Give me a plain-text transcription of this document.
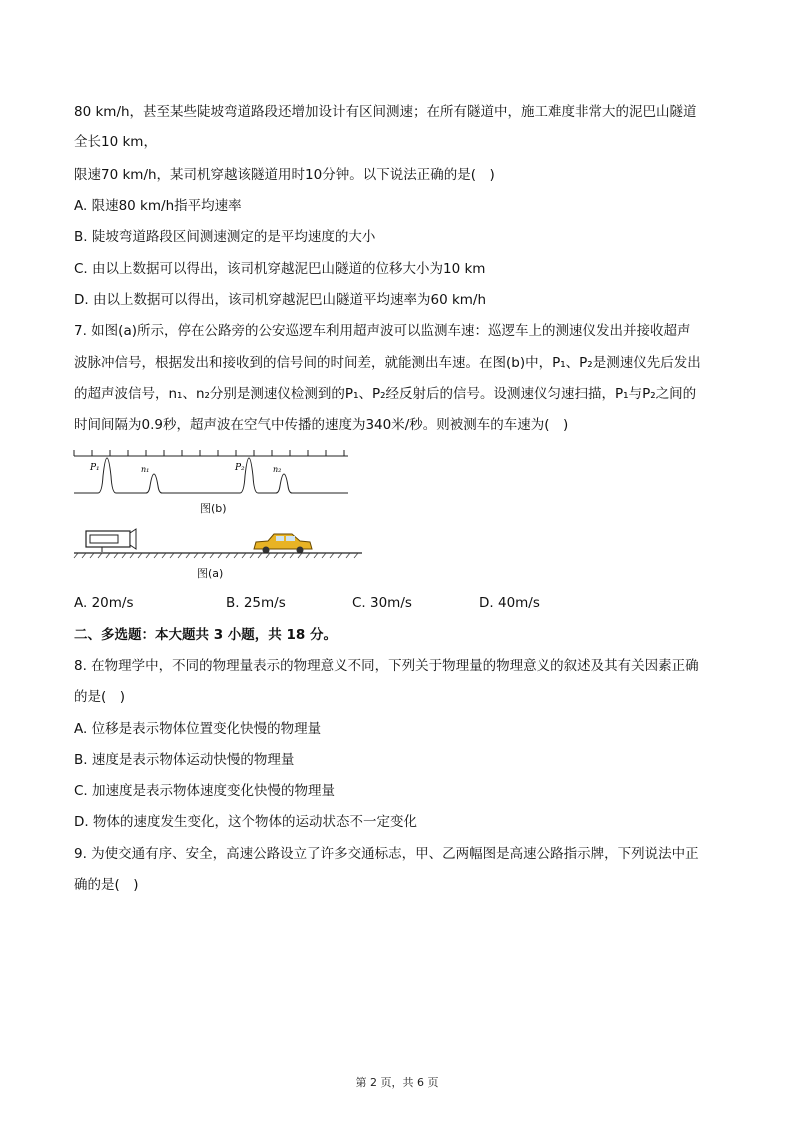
80 km/h，甚至某些陡坡弯道路段还增加设计有区间测速；在所有隧道中，施工难度非常大的泥巴山隧道
全长10 km，
限速70 km/h，某司机穿越该隧道用时10分钟。以下说法正确的是(　)
A. 限速80 km/h指平均速率
B. 陡坡弯道路段区间测速测定的是平均速度的大小
C. 由以上数据可以得出，该司机穿越泥巴山隧道的位移大小为10 km
D. 由以上数据可以得出，该司机穿越泥巴山隧道平均速率为60 km/h
7. 如图(a)所示，停在公路旁的公安巡逻车利用超声波可以监测车速：巡逻车上的测速仪发出并接收超声
波脉冲信号，根据发出和接收到的信号间的时间差，就能测出车速。在图(b)中，P₁、P₂是测速仪先后发出
的超声波信号，n₁、n₂分别是测速仪检测到的P₁、P₂经反射后的信号。设测速仪匀速扫描，P₁与P₂之间的
时间间隔为0.9秒，超声波在空气中传播的速度为340米/秒。则被测车的车速为(　)
P₁	n₁	P₂	n₂
图(b)
图(a)
A. 20m/s	B. 25m/s	C. 30m/s	D. 40m/s
二、多选题：本大题共 3 小题，共 18 分。
8. 在物理学中，不同的物理量表示的物理意义不同，下列关于物理量的物理意义的叙述及其有关因素正确
的是(　)
A. 位移是表示物体位置变化快慢的物理量
B. 速度是表示物体运动快慢的物理量
C. 加速度是表示物体速度变化快慢的物理量
D. 物体的速度发生变化，这个物体的运动状态不一定变化
9. 为使交通有序、安全，高速公路设立了许多交通标志，甲、乙两幅图是高速公路指示牌，下列说法中正
确的是(　)
第 2 页，共 6 页
